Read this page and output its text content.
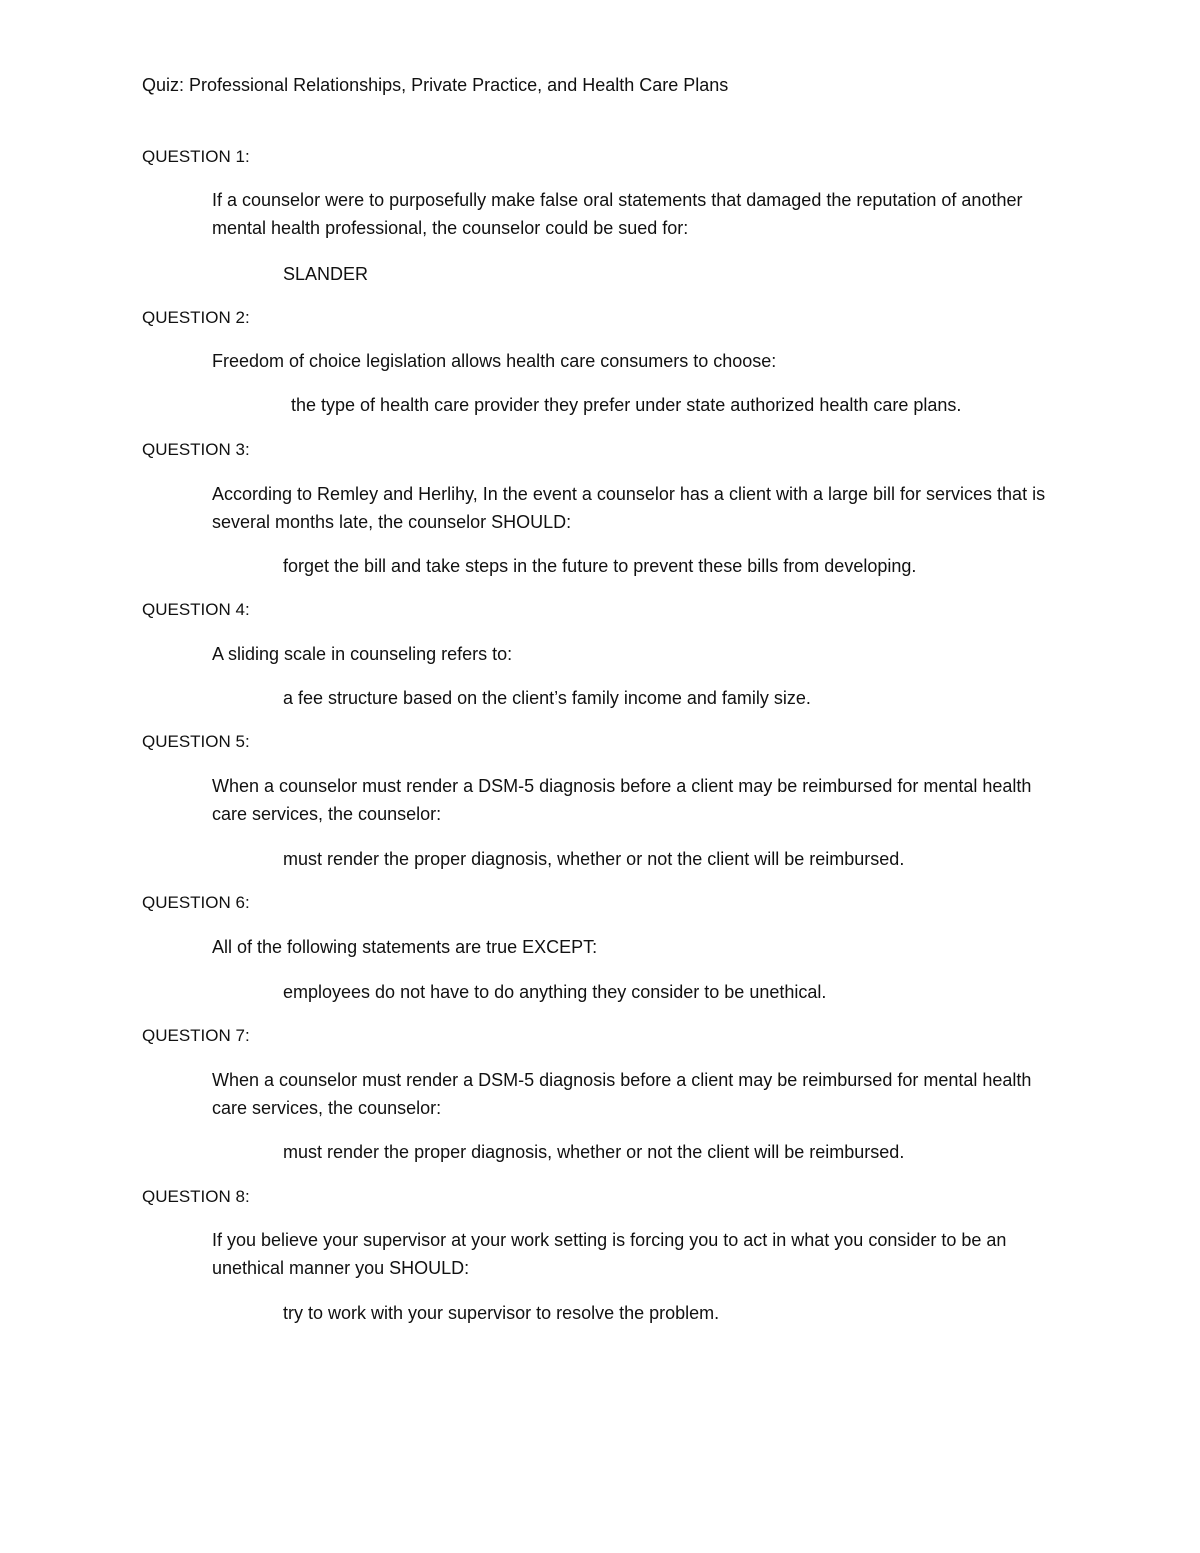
Quiz: Professional Relationships, Private Practice, and Health Care Plans
QUESTION 1:
If a counselor were to purposefully make false oral statements that damaged the reputation of another mental health professional, the counselor could be sued for:
SLANDER
QUESTION 2:
Freedom of choice legislation allows health care consumers to choose:
the type of health care provider they prefer under state authorized health care plans.
QUESTION 3:
According to Remley and Herlihy, In the event a counselor has a client with a large bill for services that is several months late, the counselor SHOULD:
forget the bill and take steps in the future to prevent these bills from developing.
QUESTION 4:
A sliding scale in counseling refers to:
a fee structure based on the client’s family income and family size.
QUESTION 5:
When a counselor must render a DSM-5 diagnosis before a client may be reimbursed for mental health care services, the counselor:
must render the proper diagnosis, whether or not the client will be reimbursed.
QUESTION 6:
All of the following statements are true EXCEPT:
employees do not have to do anything they consider to be unethical.
QUESTION 7:
When a counselor must render a DSM-5 diagnosis before a client may be reimbursed for mental health care services, the counselor:
must render the proper diagnosis, whether or not the client will be reimbursed.
QUESTION 8:
If you believe your supervisor at your work setting is forcing you to act in what you consider to be an unethical manner you SHOULD:
try to work with your supervisor to resolve the problem.
